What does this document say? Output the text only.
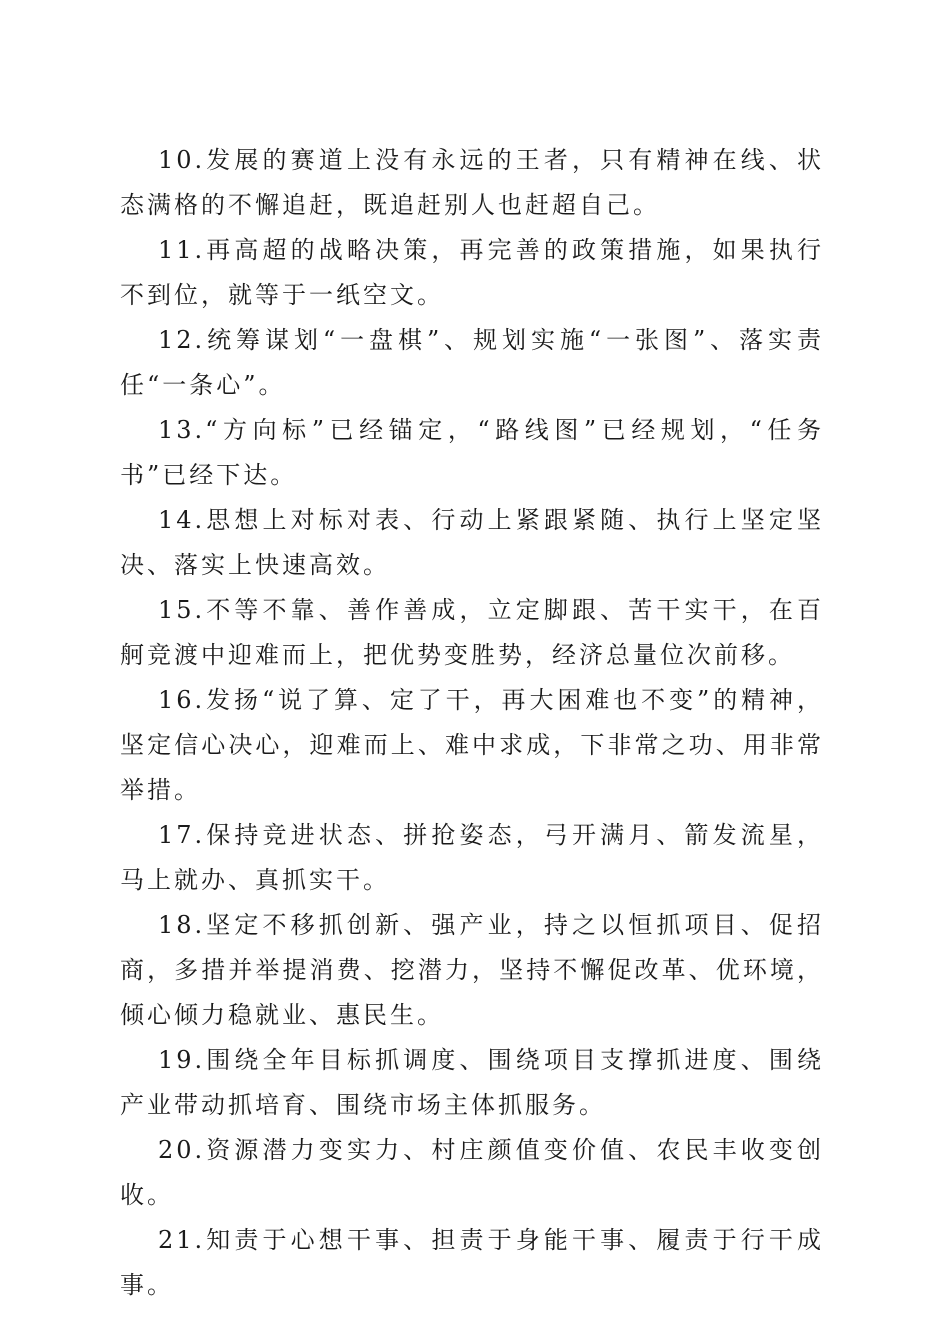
10.发展的赛道上没有永远的王者，只有精神在线、状态满格的不懈追赶，既追赶别人也赶超自己。

11.再高超的战略决策，再完善的政策措施，如果执行不到位，就等于一纸空文。

12.统筹谋划“一盘棋”、规划实施“一张图”、落实责任“一条心”。

13.“方向标”已经锚定，“路线图”已经规划，“任务书”已经下达。

14.思想上对标对表、行动上紧跟紧随、执行上坚定坚决、落实上快速高效。

15.不等不靠、善作善成，立定脚跟、苦干实干，在百舸竞渡中迎难而上，把优势变胜势，经济总量位次前移。

16.发扬“说了算、定了干，再大困难也不变”的精神，坚定信心决心，迎难而上、难中求成，下非常之功、用非常举措。

17.保持竞进状态、拼抢姿态，弓开满月、箭发流星，马上就办、真抓实干。

18.坚定不移抓创新、强产业，持之以恒抓项目、促招商，多措并举提消费、挖潜力，坚持不懈促改革、优环境，倾心倾力稳就业、惠民生。

19.围绕全年目标抓调度、围绕项目支撑抓进度、围绕产业带动抓培育、围绕市场主体抓服务。

20.资源潜力变实力、村庄颜值变价值、农民丰收变创收。

21.知责于心想干事、担责于身能干事、履责于行干成事。
